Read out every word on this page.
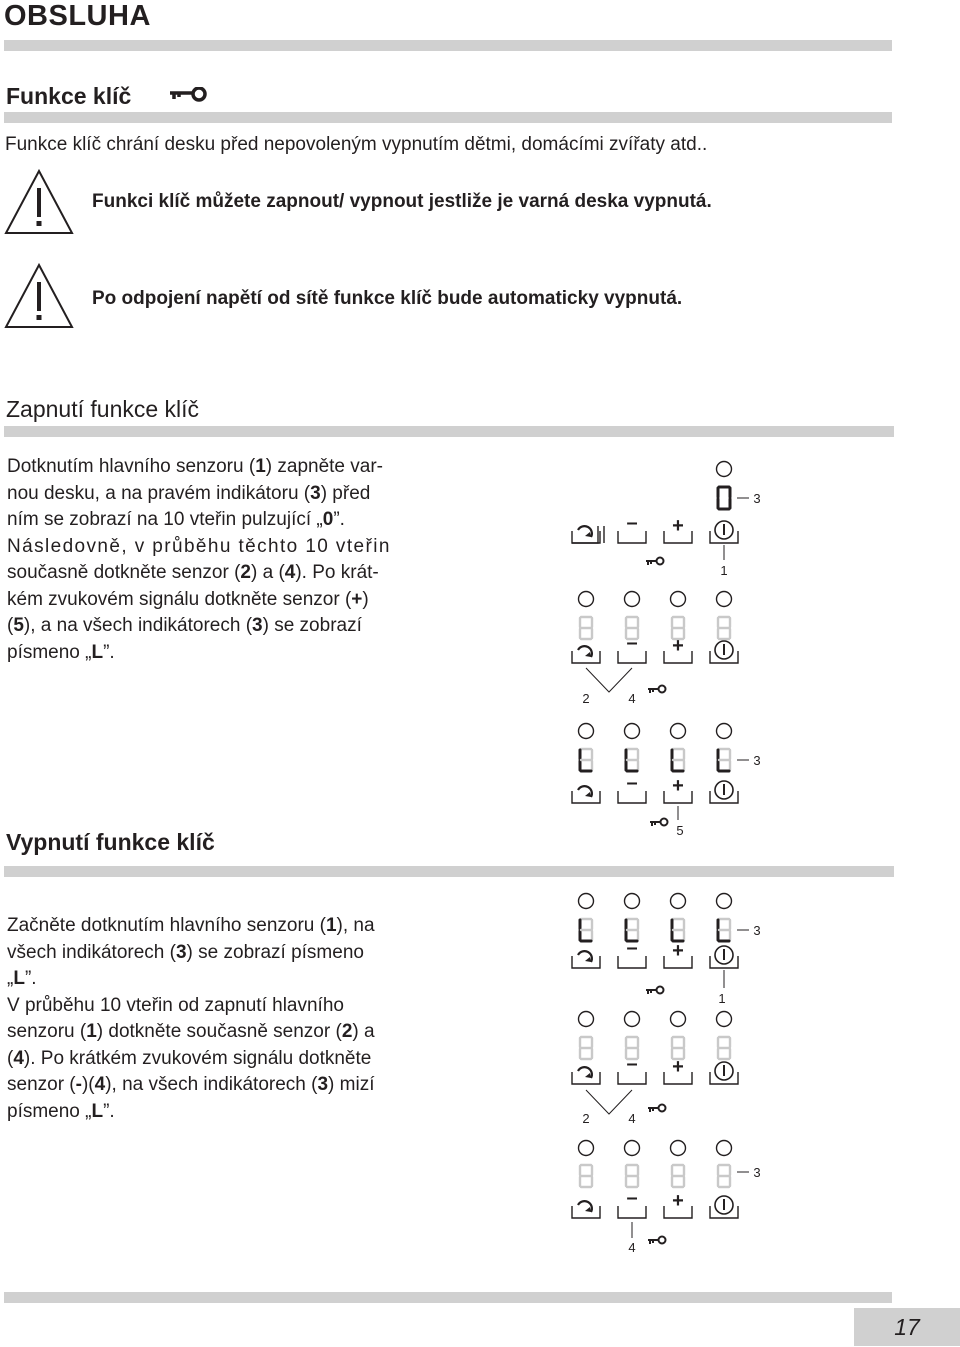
OBSLUHA
Funkce klíč
Funkce klíč chrání desku před nepovoleným vypnutím dětmi, domácími zvířaty atd..
Funkci klíč můžete zapnout/ vypnout jestliže je varná deska vypnutá.
Po odpojení napětí od sítě funkce klíč bude automaticky vypnutá.
Zapnutí funkce klíč

Dotknutím hlavního senzoru (1) zapněte var-

nou desku, a na pravém indikátoru (3) před

ním se zobrazí na 10 vteřin pulzující „0”.

Následovně, v průběhu těchto 10 vteřin

současně dotkněte senzor (2) a (4). Po krát-

kém zvukovém signálu dotkněte senzor (+)

(5), a na všech indikátorech (3) se zobrazí

písmeno „L”.

Vypnutí funkce klíč

Začněte dotknutím hlavního senzoru (1), na

všech indikátorech (3) se zobrazí písmeno

„L”.

V průběhu 10 vteřin od zapnutí hlavního

senzoru (1) dotkněte současně senzor (2) a

(4). Po krátkém zvukovém signálu dotkněte

senzor (-)(4), na všech indikátorech (3) mizí

písmeno „L”.

3
– +
1
– +
2	4
3
– +
5
3
– +
1
– +
2	4
3
– +
4
17
